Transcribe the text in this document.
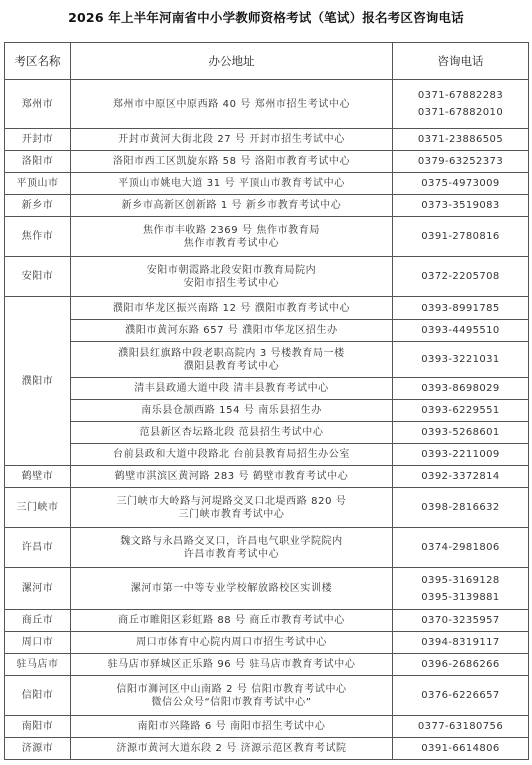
2026 年上半年河南省中小学教师资格考试（笔试）报名考区咨询电话
考区名称	办公地址	咨询电话
郑州市	郑州市中原区中原西路 40 号 郑州市招生考试中心	0371-67882283
0371-67882010

开封市	开封市黄河大街北段 27 号 开封市招生考试中心	0371-23886505

洛阳市	洛阳市西工区凯旋东路 58 号 洛阳市教育考试中心	0379-63252373

平顶山市	平顶山市姚电大道 31 号 平顶山市教育考试中心	0375-4973009

新乡市	新乡市高新区创新路 1 号 新乡市教育考试中心	0373-3519083

焦作市	焦作市丰收路 2369 号 焦作市教育局
焦作市教育考试中心	0391-2780816

安阳市	安阳市朝霞路北段安阳市教育局院内
安阳市招生考试中心	0372-2205708

濮阳市	濮阳市华龙区振兴南路 12 号 濮阳市教育考试中心	0393-8991785

	濮阳市黄河东路 657 号 濮阳市华龙区招生办	0393-4495510

	濮阳县红旗路中段老职高院内 3 号楼教育局一楼
濮阳县教育考试中心	0393-3221031

	清丰县政通大道中段 清丰县教育考试中心	0393-8698029

	南乐县仓颉西路 154 号 南乐县招生办	0393-6229551

	范县新区杏坛路北段 范县招生考试中心	0393-5268601

	台前县政和大道中段路北 台前县教育局招生办公室	0393-2211009

鹤壁市	鹤壁市淇滨区黄河路 283 号 鹤壁市教育考试中心	0392-3372814

三门峡市	三门峡市大岭路与河堤路交叉口北堤西路 820 号
三门峡市教育考试中心	0398-2816632

许昌市	魏文路与永昌路交叉口，许昌电气职业学院院内
许昌市教育考试中心	0374-2981806

漯河市	漯河市第一中等专业学校解放路校区实训楼	0395-3169128
0395-3139881

商丘市	商丘市睢阳区彩虹路 88 号 商丘市教育考试中心	0370-3235957

周口市	周口市体育中心院内周口市招生考试中心	0394-8319117

驻马店市	驻马店市驿城区正乐路 96 号 驻马店市教育考试中心	0396-2686266

信阳市	信阳市浉河区中山南路 2 号 信阳市教育考试中心
微信公众号“信阳市教育考试中心”	0376-6226657

南阳市	南阳市兴隆路 6 号 南阳市招生考试中心	0377-63180756

济源市	济源市黄河大道东段 2 号 济源示范区教育考试院	0391-6614806
